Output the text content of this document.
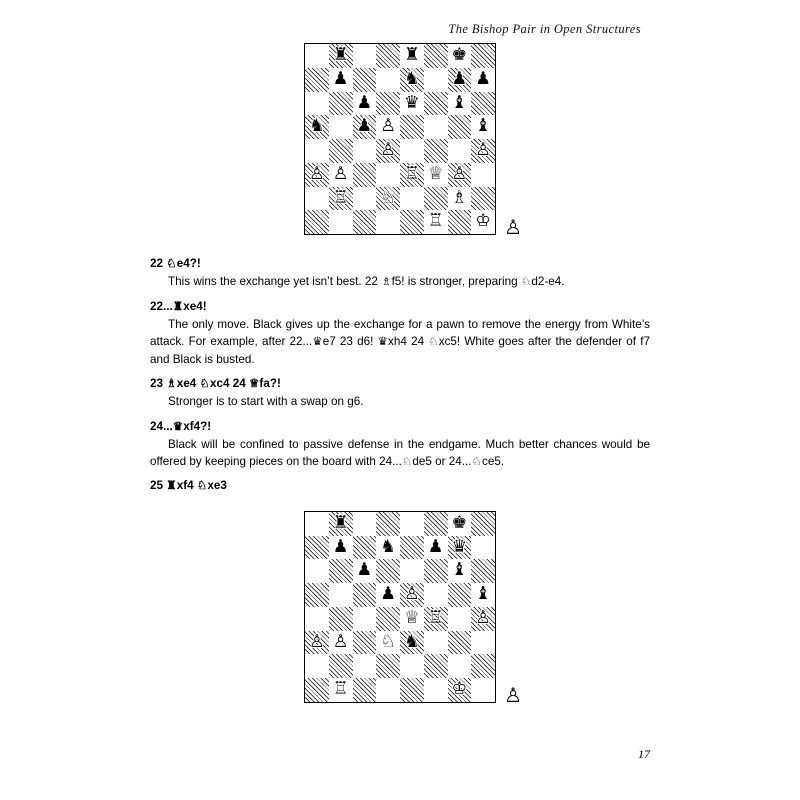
The Bishop Pair in Open Structures
♜	♜ ♚
♟	♞ ♟ ♟
♟ ♛ ♝
♞ ♟ ♙	♝
♙	♙
♙ ♙	♖ ♕ ♙
♖ ♘	♗
♖ ♔ ♙
22 ♘e4?!
This wins the exchange yet isn’t best. 22 ♗f5! is stronger, preparing ♘d2-e4.
22...♜xe4!
The only move. Black gives up the exchange for a pawn to remove the energy from White’s attack. For example, after 22...♛e7 23 d6! ♛xh4 24 ♘xc5! White goes after the defender of f7 and Black is busted.
23 ♗xe4 ♘xc4 24 ♕fa?!
Stronger is to start with a swap on g6.
24...♛xf4?!
Black will be confined to passive defense in the endgame. Much better chances would be offered by keeping pieces on the board with 24...♘de5 or 24...♘ce5.
25 ♜xf4 ♘xe3
♜	♚
♟ ♞ ♟ ♛
♟	♝
♟ ♙	♝
♕ ♖ ♙
♙ ♙ ♘ ♞
♖	♔ ♙
17
